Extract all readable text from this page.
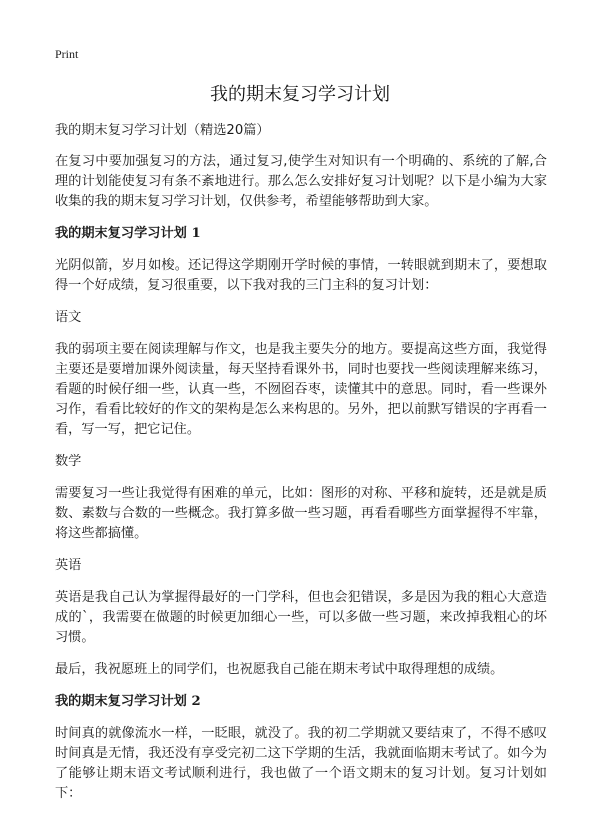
Print
我的期末复习学习计划

我的期末复习学习计划（精选20篇）

在复习中要加强复习的方法，通过复习,使学生对知识有一个明确的、系统的了解,合理的计划能使复习有条不紊地进行。那么怎么安排好复习计划呢？以下是小编为大家收集的我的期末复习学习计划，仅供参考，希望能够帮助到大家。

我的期末复习学习计划 1

光阴似箭，岁月如梭。还记得这学期刚开学时候的事情，一转眼就到期末了，要想取得一个好成绩，复习很重要，以下我对我的三门主科的复习计划：

语文

我的弱项主要在阅读理解与作文，也是我主要失分的地方。要提高这些方面，我觉得主要还是要增加课外阅读量，每天坚持看课外书，同时也要找一些阅读理解来练习，看题的时候仔细一些，认真一些，不囫囵吞枣，读懂其中的意思。同时，看一些课外习作，看看比较好的作文的架构是怎么来构思的。另外，把以前默写错误的字再看一看，写一写，把它记住。

数学

需要复习一些让我觉得有困难的单元，比如：图形的对称、平移和旋转，还是就是质数、素数与合数的一些概念。我打算多做一些习题，再看看哪些方面掌握得不牢靠，将这些都搞懂。

英语

英语是我自己认为掌握得最好的一门学科，但也会犯错误，多是因为我的粗心大意造成的`，我需要在做题的时候更加细心一些，可以多做一些习题，来改掉我粗心的坏习惯。

最后，我祝愿班上的同学们，也祝愿我自己能在期末考试中取得理想的成绩。

我的期末复习学习计划 2

时间真的就像流水一样，一眨眼，就没了。我的初二学期就又要结束了，不得不感叹时间真是无情，我还没有享受完初二这下学期的生活，我就面临期末考试了。如今为了能够让期末语文考试顺利进行，我也做了一个语文期末的复习计划。复习计划如下：
